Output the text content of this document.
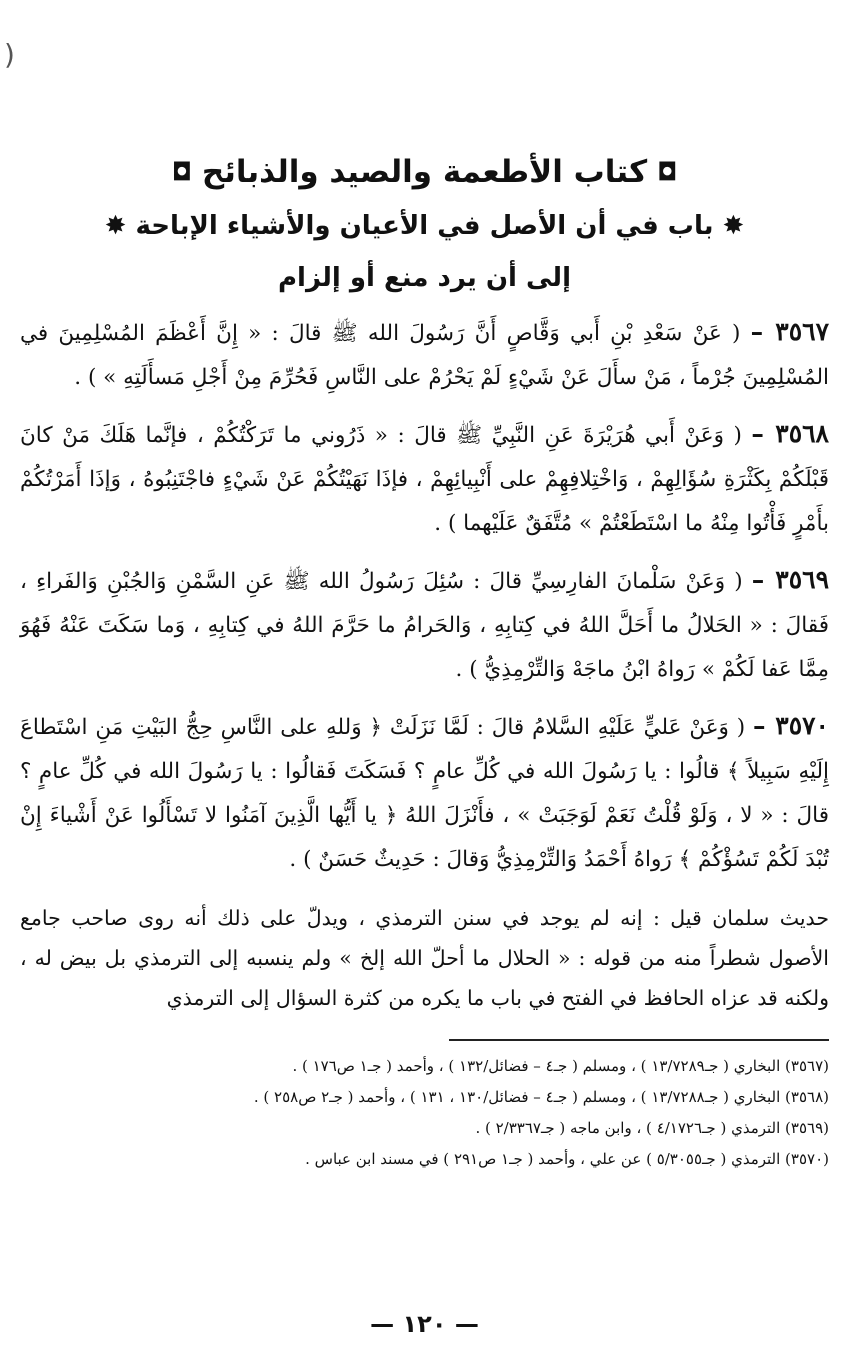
(
◘
كتاب الأطعمة والصيد والذبائح
◘
✸ باب في أن الأصل في الأعيان والأشياء الإباحة ✸
إلى أن يرد منع أو إلزام

٣٥٦٧ – ( عَنْ سَعْدِ بْنِ أَبي وَقَّاصٍ أَنَّ رَسُولَ الله ﷺ قالَ : « إِنَّ أَعْظَمَ المُسْلِمِينَ في المُسْلِمِينَ جُرْماً ، مَنْ سأَلَ عَنْ شَيْءٍ لَمْ يَحْرُمْ على النَّاسِ فَحُرِّمَ مِنْ أَجْلِ مَسأَلَتِهِ » ) .

٣٥٦٨ – ( وَعَنْ أَبي هُرَيْرَةَ عَنِ النَّبِيِّ ﷺ قالَ : « ذَرُوني ما تَرَكْتُكُمْ ، فإنَّما هَلَكَ مَنْ كانَ قَبْلَكُمْ بِكَثْرَةِ سُؤَالِهِمْ ، وَاخْتِلافِهِمْ على أَنْبِيائِهِمْ ، فإذَا نَهَيْتُكُمْ عَنْ شَيْءٍ فاجْتَنِبُوهُ ، وَإذَا أَمَرْتُكُمْ بأَمْرٍ فَأْتُوا مِنْهُ ما اسْتَطَعْتُمْ » مُتَّفَقٌ عَلَيْهما ) .

٣٥٦٩ – ( وَعَنْ سَلْمانَ الفارِسِيِّ قالَ : سُئِلَ رَسُولُ الله ﷺ عَنِ السَّمْنِ وَالجُبْنِ وَالفَراءِ ، فَقالَ : « الحَلالُ ما أَحَلَّ اللهُ في كِتابِهِ ، وَالحَرامُ ما حَرَّمَ اللهُ في كِتابِهِ ، وَما سَكَتَ عَنْهُ فَهُوَ مِمَّا عَفا لَكُمْ » رَواهُ ابْنُ ماجَهْ وَالتِّرْمِذِيُّ ) .

٣٥٧٠ – ( وَعَنْ عَليٍّ عَلَيْهِ السَّلامُ قالَ : لَمَّا نَزَلَتْ ﴿ وَللهِ على النَّاسِ حِجُّ البَيْتِ مَنِ اسْتَطاعَ إِلَيْهِ سَبِيلاً ﴾ قالُوا : يا رَسُولَ الله في كُلِّ عامٍ ؟ فَسَكَتَ فَقالُوا : يا رَسُولَ الله في كُلِّ عامٍ ؟ قالَ : « لا ، وَلَوْ قُلْتُ نَعَمْ لَوَجَبَتْ » ، فأَنْزَلَ اللهُ ﴿ يا أَيُّها الَّذِينَ آمَنُوا لا تَسْأَلُوا عَنْ أَشْياءَ إِنْ تُبْدَ لَكُمْ تَسُؤْكُمْ ﴾ رَواهُ أَحْمَدُ وَالتِّرْمِذِيُّ وَقالَ : حَدِيثٌ حَسَنٌ ) .

حديث سلمان قيل : إنه لم يوجد في سنن الترمذي ، ويدلّ على ذلك أنه روى صاحب جامع الأصول شطراً منه من قوله : « الحلال ما أحلّ الله إلخ » ولم ينسبه إلى الترمذي بل بيض له ، ولكنه قد عزاه الحافظ في الفتح في باب ما يكره من كثرة السؤال إلى الترمذي

(٣٥٦٧) البخاري ( جـ١٣/٧٢٨٩ ) ، ومسلم ( جـ٤ – فضائل/١٣٢ ) ، وأحمد ( جـ١ ص١٧٦ ) .

(٣٥٦٨) البخاري ( جـ١٣/٧٢٨٨ ) ، ومسلم ( جـ٤ – فضائل/١٣٠ ، ١٣١ ) ، وأحمد ( جـ٢ ص٢٥٨ ) .

(٣٥٦٩) الترمذي ( جـ٤/١٧٢٦ ) ، وابن ماجه ( جـ٢/٣٣٦٧ ) .

(٣٥٧٠) الترمذي ( جـ٥/٣٠٥٥ ) عن علي ، وأحمد ( جـ١ ص٢٩١ ) في مسند ابن عباس .

— ١٢٠ —
